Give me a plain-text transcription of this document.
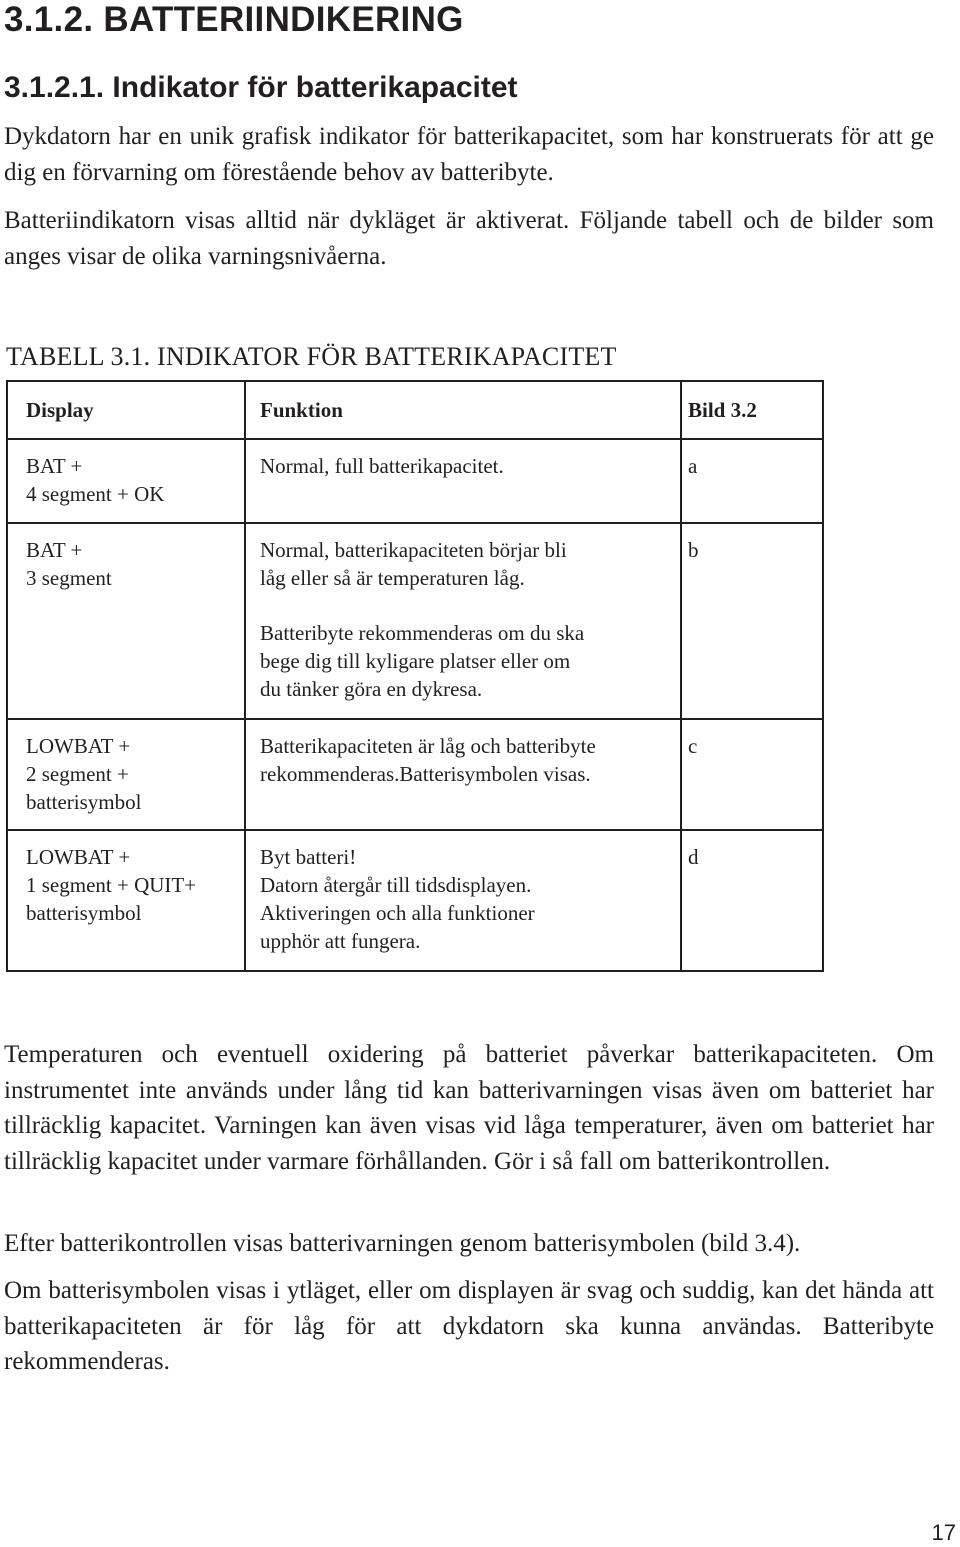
3.1.2. BATTERIINDIKERING
3.1.2.1. Indikator för batterikapacitet

Dykdatorn har en unik grafisk indikator för batterikapacitet, som har konstruerats för att ge dig en förvarning om förestående behov av batteribyte.

Batteriindikatorn visas alltid när dykläget är aktiverat. Följande tabell och de bilder som anges visar de olika varningsnivåerna.

TABELL 3.1. INDIKATOR FÖR BATTERIKAPACITET

Display	Funktion	Bild 3.2

BAT +
4 segment + OK	Normal, full batterikapacitet.	a

BAT +
3 segment	Normal, batterikapaciteten börjar bli
låg eller så är temperaturen låg.
Batteribyte rekommenderas om du ska
bege dig till kyligare platser eller om
du tänker göra en dykresa.	b

LOWBAT +
2 segment +
batterisymbol	Batterikapaciteten är låg och batteribyte
rekommenderas.Batterisymbolen visas.	c

LOWBAT +
1 segment + QUIT+
batterisymbol	Byt batteri!
Datorn återgår till tidsdisplayen.
Aktiveringen och alla funktioner
upphör att fungera.	d

Temperaturen och eventuell oxidering på batteriet påverkar batterikapaciteten. Om instrumentet inte används under lång tid kan batterivarningen visas även om batteriet har tillräcklig kapacitet. Varningen kan även visas vid låga temperaturer, även om batteriet har tillräcklig kapacitet under varmare förhållanden. Gör i så fall om batterikontrollen.

Efter batterikontrollen visas batterivarningen genom batterisymbolen (bild 3.4).

Om batterisymbolen visas i ytläget, eller om displayen är svag och suddig, kan det hända att batterikapaciteten är för låg för att dykdatorn ska kunna användas. Batteribyte rekommenderas.

17
